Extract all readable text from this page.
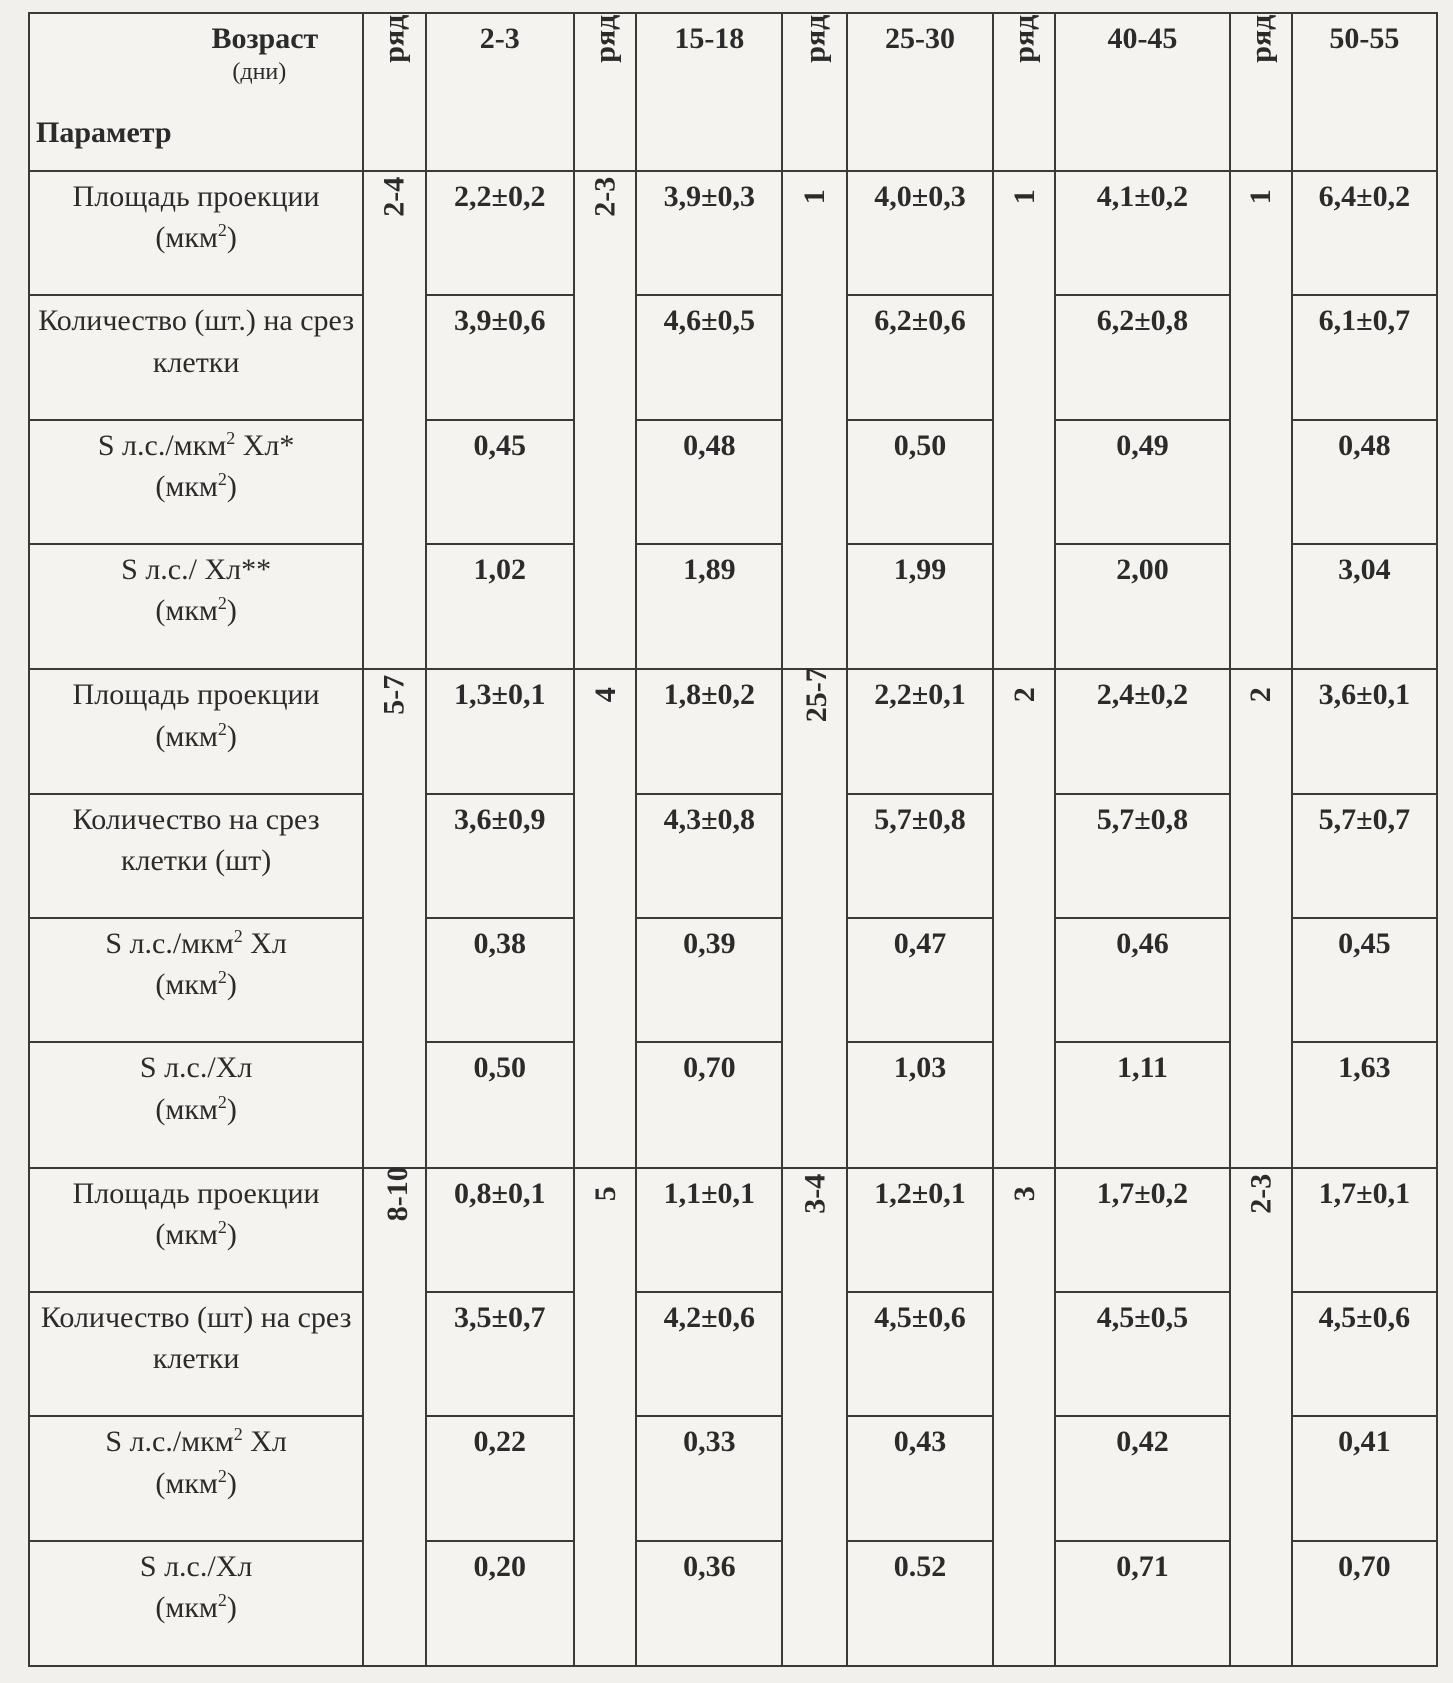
Возраст
(дни)
Параметр	ряд	2-3	ряд	15-18	ряд	25-30	ряд	40-45	ряд	50-55
Площадь проекции
(мкм$^2$)	2-4	2,2±0,2	2-3	3,9±0,3	1	4,0±0,3	1	4,1±0,2	1	6,4±0,2
Количество (шт.) на срез клетки		3,9±0,6		4,6±0,5		6,2±0,6		6,2±0,8		6,1±0,7
S л.с./мкм$^2$ Хл*
(мкм$^2$)		0,45		0,48		0,50		0,49		0,48
S л.с./ Хл**
(мкм$^2$)		1,02		1,89		1,99		2,00		3,04
Площадь проекции
(мкм$^2$)	5-7	1,3±0,1	4	1,8±0,2	25-7	2,2±0,1	2	2,4±0,2	2	3,6±0,1
Количество на срез клетки (шт)		3,6±0,9		4,3±0,8		5,7±0,8		5,7±0,8		5,7±0,7
S л.с./мкм$^2$ Хл
(мкм$^2$)		0,38		0,39		0,47		0,46		0,45
S л.с./Хл
(мкм$^2$)		0,50		0,70		1,03		1,11		1,63
Площадь проекции
(мкм$^2$)	8-10	0,8±0,1	5	1,1±0,1	3-4	1,2±0,1	3	1,7±0,2	2-3	1,7±0,1
Количество (шт) на срез клетки		3,5±0,7		4,2±0,6		4,5±0,6		4,5±0,5		4,5±0,6
S л.с./мкм$^2$ Хл
(мкм$^2$)		0,22		0,33		0,43		0,42		0,41
S л.с./Хл
(мкм$^2$)		0,20		0,36		0.52		0,71		0,70
